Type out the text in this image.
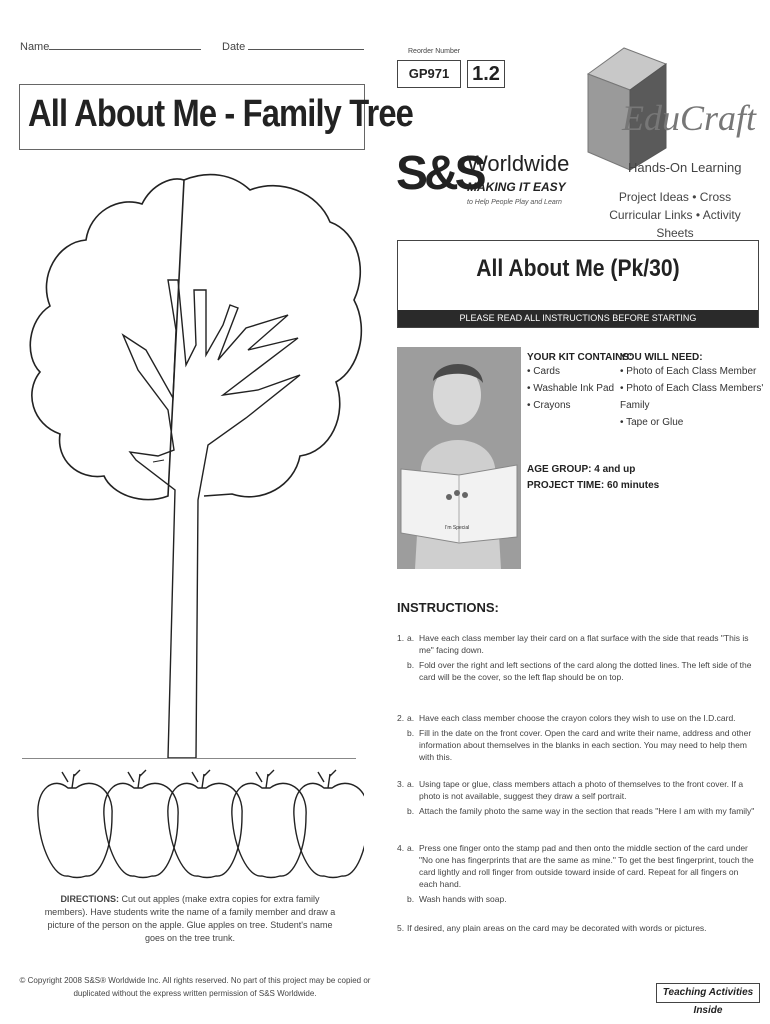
Name	Date
All About Me - Family Tree
DIRECTIONS: Cut out apples (make extra copies for extra family members). Have students write the name of a family member and draw a picture of the person on the apple. Glue apples on tree. Student's name goes on the tree trunk.
© Copyright 2008 S&S® Worldwide Inc. All rights reserved. No part of this project may be copied or duplicated without the express written permission of S&S Worldwide.
Reorder Number
GP971	1.2
S&S
Worldwide
MAKING IT EASY
to Help People Play and Learn
EduCraft
Hands-On Learning
Project Ideas • Cross Curricular Links • Activity Sheets
All About Me (Pk/30)
PLEASE READ ALL INSTRUCTIONS BEFORE STARTING
I'm Special
YOUR KIT CONTAINS:
• Cards
• Washable Ink Pad
• Crayons
YOU WILL NEED:
• Photo of Each Class Member
• Photo of Each Class Members' Family
• Tape or Glue
AGE GROUP: 4 and up
PROJECT TIME: 60 minutes
INSTRUCTIONS:
1. a. Have each class member lay their card on a flat surface with the side that reads "This is me" facing down.
b. Fold over the right and left sections of the card along the dotted lines. The left side of the card will be the cover, so the left flap should be on top.
2. a. Have each class member choose the crayon colors they wish to use on the I.D.card.
b. Fill in the date on the front cover. Open the card and write their name, address and other information about themselves in the blanks in each section. You may need to help them with this.
3. a. Using tape or glue, class members attach a photo of themselves to the front cover. If a photo is not available, suggest they draw a self portrait.
b. Attach the family photo the same way in the section that reads "Here I am with my family"
4. a. Press one finger onto the stamp pad and then onto the middle section of the card under "No one has fingerprints that are the same as mine." To get the best fingerprint, touch the card lightly and roll finger from outside toward inside of card. Repeat for all fingers on each hand.
b. Wash hands with soap.
5. If desired, any plain areas on the card may be decorated with words or pictures.
Teaching Activities Inside
